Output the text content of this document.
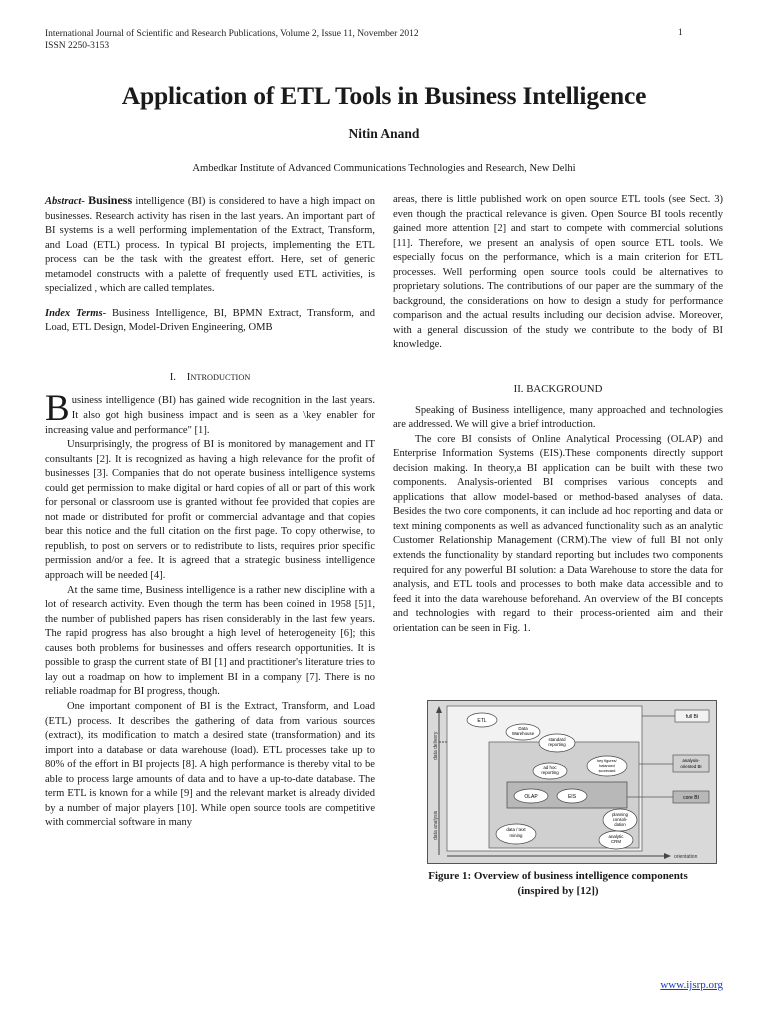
International Journal of Scientific and Research Publications, Volume 2, Issue 11, November 2012
ISSN 2250-3153
1
Application of ETL Tools in Business Intelligence
Nitin Anand
Ambedkar Institute of Advanced Communications Technologies and Research, New Delhi

Abstract- Business intelligence (BI) is considered to have a high impact on businesses. Research activity has risen in the last years. An important part of BI systems is a well performing implementation of the Extract, Transform, and Load (ETL) process. In typical BI projects, implementing the ETL process can be the task with the greatest effort. Here, set of generic metamodel constructs with a palette of frequently used ETL activities, is specialized , which are called templates.

Index Terms- Business Intelligence, BI, BPMN Extract, Transform, and Load, ETL Design, Model-Driven Engineering, OMB

I. INTRODUCTION

Business intelligence (BI) has gained wide recognition in the last years. It also got high business impact and is seen as a \key enabler for increasing value and performance" [1].

Unsurprisingly, the progress of BI is monitored by management and IT consultants [2]. It is recognized as having a high relevance for the profit of businesses [3]. Companies that do not operate business intelligence systems could get permission to make digital or hard copies of all or part of this work for personal or classroom use is granted without fee provided that copies are not made or distributed for profit or commercial advantage and that copies bear this notice and the full citation on the first page. To copy otherwise, to republish, to post on servers or to redistribute to lists, requires prior specific permission and/or a fee. It is agreed that a strategic business intelligence approach will be needed [4].

At the same time, Business intelligence is a rather new discipline with a lot of research activity. Even though the term has been coined in 1958 [5]1, the number of published papers has risen considerably in the last few years. The rapid progress has also brought a high level of heterogeneity [6]; this causes both problems for businesses and offers research opportunities. It is possible to grasp the current state of BI [1] and practitioner's literature tries to lay out a roadmap on how to implement BI in a company [7]. There is no reliable roadmap for BI progress, though.

One important component of BI is the Extract, Transform, and Load (ETL) process. It describes the gathering of data from various sources (extract), its modification to match a desired state (transformation) and its import into a database or data warehouse (load). ETL processes take up to 80% of the effort in BI projects [8]. A high performance is thereby vital to be able to process large amounts of data and to have a up-to-date database. The term ETL is known for a while [9] and the relevant market is already divided by a number of major players [10]. While open source tools are competitive with commercial software in many

areas, there is little published work on open source ETL tools (see Sect. 3) even though the practical relevance is given. Open Source BI tools recently gained more attention [2] and start to compete with commercial solutions [11]. Therefore, we present an analysis of open source ETL tools. We especially focus on the performance, which is a main criterion for ETL processes. Well performing open source tools could be alternatives to proprietary solutions. The contributions of our paper are the summary of the background, the considerations on how to design a study for performance comparison and the actual results including our decision advise. Moreover, with a general discussion of the study we contribute to the body of BI knowledge.

II. BACKGROUND

Speaking of Business intelligence, many approached and technologies are addressed. We will give a brief introduction.

The core BI consists of Online Analytical Processing (OLAP) and Enterprise Information Systems (EIS).These components directly support decision making. In theory,a BI application can be built with these two components. Analysis-oriented BI comprises various concepts and applications that allow model-based or method-based analyses of data. Besides the two core components, it can include ad hoc reporting and data or text mining components as well as advanced functionality such as an analytic Customer Relationship Management (CRM).The view of full BI not only extends the functionality by standard reporting but includes two components required for any powerful BI solution: a Data Warehouse to store the data for analysis, and ETL tools and processes to both make data accessible and to feed it into the data warehouse beforehand. An overview of the BI concepts and technologies with regard to their process-oriented aim and their orientation can be seen in Fig. 1.

data delivery
data analysis
orientation
ETL
Data
Warehouse
standard
reporting
ad hoc
reporting
key figures/
balanced
scorecard
OLAP	EIS
planning
consoli-
dation
data / text
mining	analytic
CRM
full BI
analysis-
oriented BI
core BI
Figure 1: Overview of business intelligence components
(inspired by [12])
www.ijsrp.org
